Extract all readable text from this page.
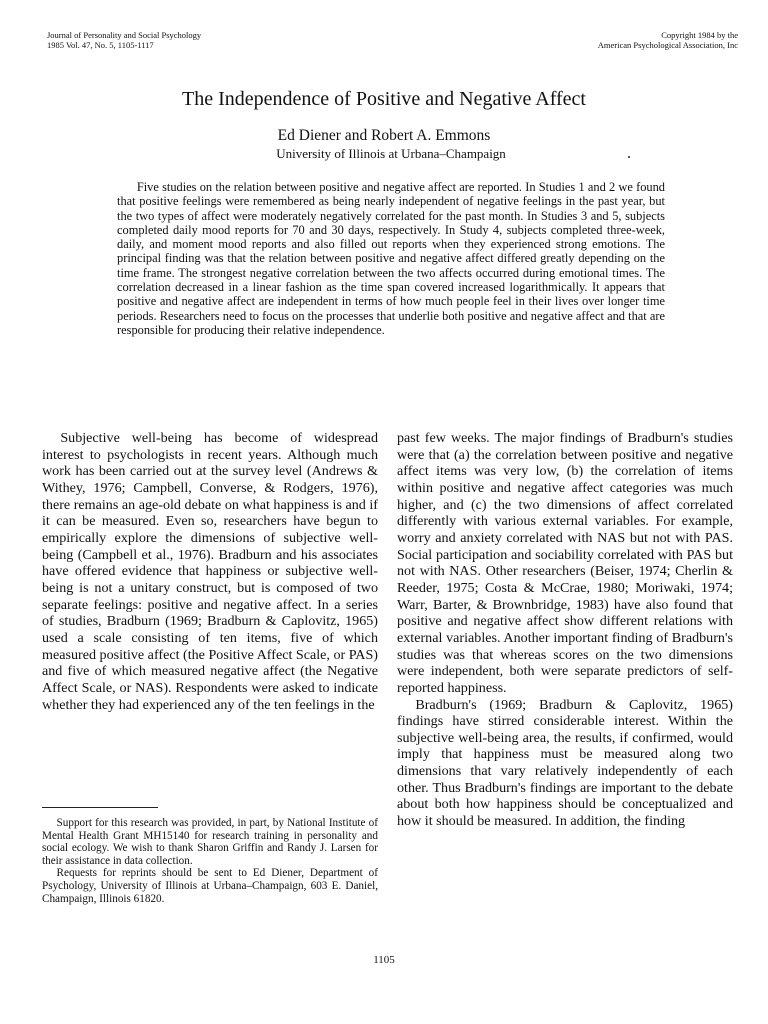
Journal of Personality and Social Psychology
1985 Vol. 47, No. 5, 1105-1117
Copyright 1984 by the
American Psychological Association, Inc
The Independence of Positive and Negative Affect
Ed Diener and Robert A. Emmons
University of Illinois at Urbana–Champaign

Five studies on the relation between positive and negative affect are reported. In Studies 1 and 2 we found that positive feelings were remembered as being nearly independent of negative feelings in the past year, but the two types of affect were moderately negatively correlated for the past month. In Studies 3 and 5, subjects completed daily mood reports for 70 and 30 days, respectively. In Study 4, subjects completed three-week, daily, and moment mood reports and also filled out reports when they experienced strong emotions. The principal finding was that the relation between positive and negative affect differed greatly depending on the time frame. The strongest negative correlation between the two affects occurred during emotional times. The correlation decreased in a linear fashion as the time span covered increased logarithmically. It appears that positive and negative affect are independent in terms of how much people feel in their lives over longer time periods. Researchers need to focus on the processes that underlie both positive and negative affect and that are responsible for producing their relative independence.

Subjective well-being has become of widespread interest to psychologists in recent years. Although much work has been carried out at the survey level (Andrews & Withey, 1976; Campbell, Converse, & Rodgers, 1976), there remains an age-old debate on what happiness is and if it can be measured. Even so, researchers have begun to empirically explore the dimensions of subjective well-being (Campbell et al., 1976). Bradburn and his associates have offered evidence that happiness or subjective well-being is not a unitary construct, but is composed of two separate feelings: positive and negative affect. In a series of studies, Bradburn (1969; Bradburn & Caplovitz, 1965) used a scale consisting of ten items, five of which measured positive affect (the Positive Affect Scale, or PAS) and five of which measured negative affect (the Negative Affect Scale, or NAS). Respondents were asked to indicate whether they had experienced any of the ten feelings in the

past few weeks. The major findings of Bradburn's studies were that (a) the correlation between positive and negative affect items was very low, (b) the correlation of items within positive and negative affect categories was much higher, and (c) the two dimensions of affect correlated differently with various external variables. For example, worry and anxiety correlated with NAS but not with PAS. Social participation and sociability correlated with PAS but not with NAS. Other researchers (Beiser, 1974; Cherlin & Reeder, 1975; Costa & McCrae, 1980; Moriwaki, 1974; Warr, Barter, & Brownbridge, 1983) have also found that positive and negative affect show different relations with external variables. Another important finding of Bradburn's studies was that whereas scores on the two dimensions were independent, both were separate predictors of self-reported happiness.

Bradburn's (1969; Bradburn & Caplovitz, 1965) findings have stirred considerable interest. Within the subjective well-being area, the results, if confirmed, would imply that happiness must be measured along two dimensions that vary relatively independently of each other. Thus Bradburn's findings are important to the debate about both how happiness should be conceptualized and how it should be measured. In addition, the finding

Support for this research was provided, in part, by National Institute of Mental Health Grant MH15140 for research training in personality and social ecology. We wish to thank Sharon Griffin and Randy J. Larsen for their assistance in data collection.

Requests for reprints should be sent to Ed Diener, Department of Psychology, University of Illinois at Urbana–Champaign, 603 E. Daniel, Champaign, Illinois 61820.

1105
